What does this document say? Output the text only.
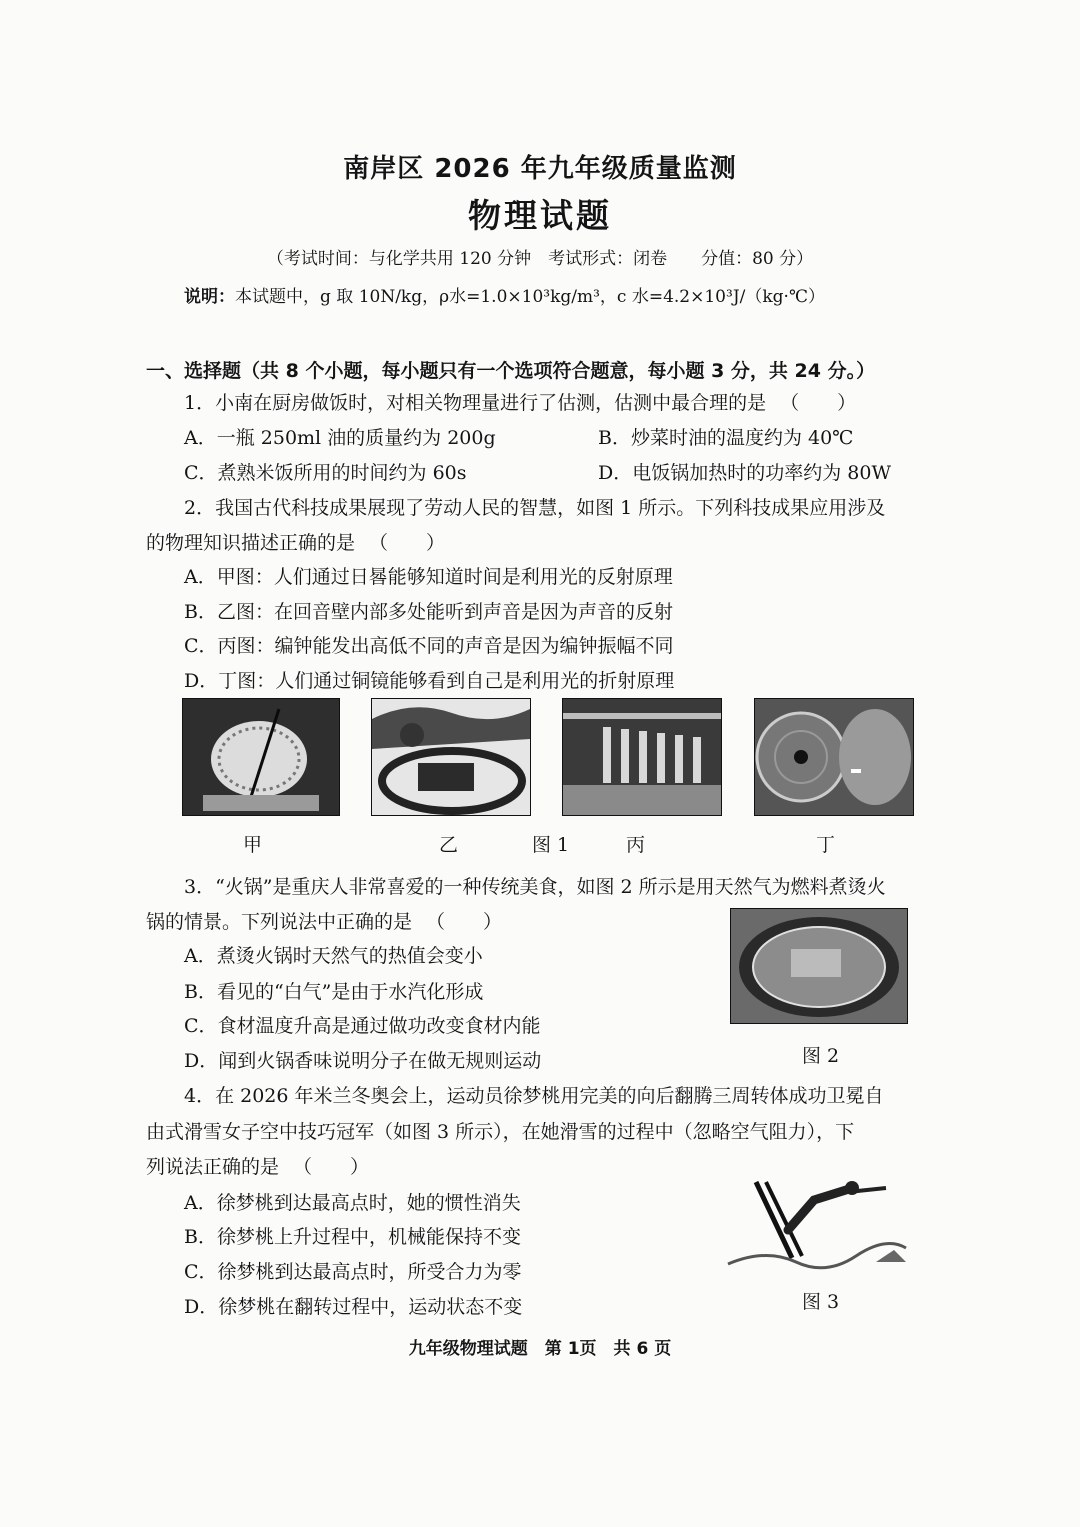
南岸区 2026 年九年级质量监测
物理试题
（考试时间：与化学共用 120 分钟　考试形式：闭卷　　分值：80 分）
说明：本试题中，g 取 10N/kg，ρ水=1.0×10³kg/m³，c 水=4.2×10³J/（kg·℃）
一、选择题（共 8 个小题，每小题只有一个选项符合题意，每小题 3 分，共 24 分。）
1．小南在厨房做饭时，对相关物理量进行了估测，估测中最合理的是 （　　）
A．一瓶 250ml 油的质量约为 200g	B．炒菜时油的温度约为 40℃
C．煮熟米饭所用的时间约为 60s	D．电饭锅加热时的功率约为 80W
2．我国古代科技成果展现了劳动人民的智慧，如图 1 所示。下列科技成果应用涉及
的物理知识描述正确的是 （　　）
A．甲图：人们通过日晷能够知道时间是利用光的反射原理
B．乙图：在回音壁内部多处能听到声音是因为声音的反射
C．丙图：编钟能发出高低不同的声音是因为编钟振幅不同
D．丁图：人们通过铜镜能够看到自己是利用光的折射原理
甲	乙	图 1	丙	丁
3．“火锅”是重庆人非常喜爱的一种传统美食，如图 2 所示是用天然气为燃料煮烫火
锅的情景。下列说法中正确的是 （　　）
A．煮烫火锅时天然气的热值会变小
B．看见的“白气”是由于水汽化形成
C．食材温度升高是通过做功改变食材内能
D．闻到火锅香味说明分子在做无规则运动	图 2
4．在 2026 年米兰冬奥会上，运动员徐梦桃用完美的向后翻腾三周转体成功卫冕自
由式滑雪女子空中技巧冠军（如图 3 所示），在她滑雪的过程中（忽略空气阻力），下
列说法正确的是 （　　）
A．徐梦桃到达最高点时，她的惯性消失
B．徐梦桃上升过程中，机械能保持不变
C．徐梦桃到达最高点时，所受合力为零
D．徐梦桃在翻转过程中，运动状态不变	图 3
九年级物理试题　第 1页　共 6 页
